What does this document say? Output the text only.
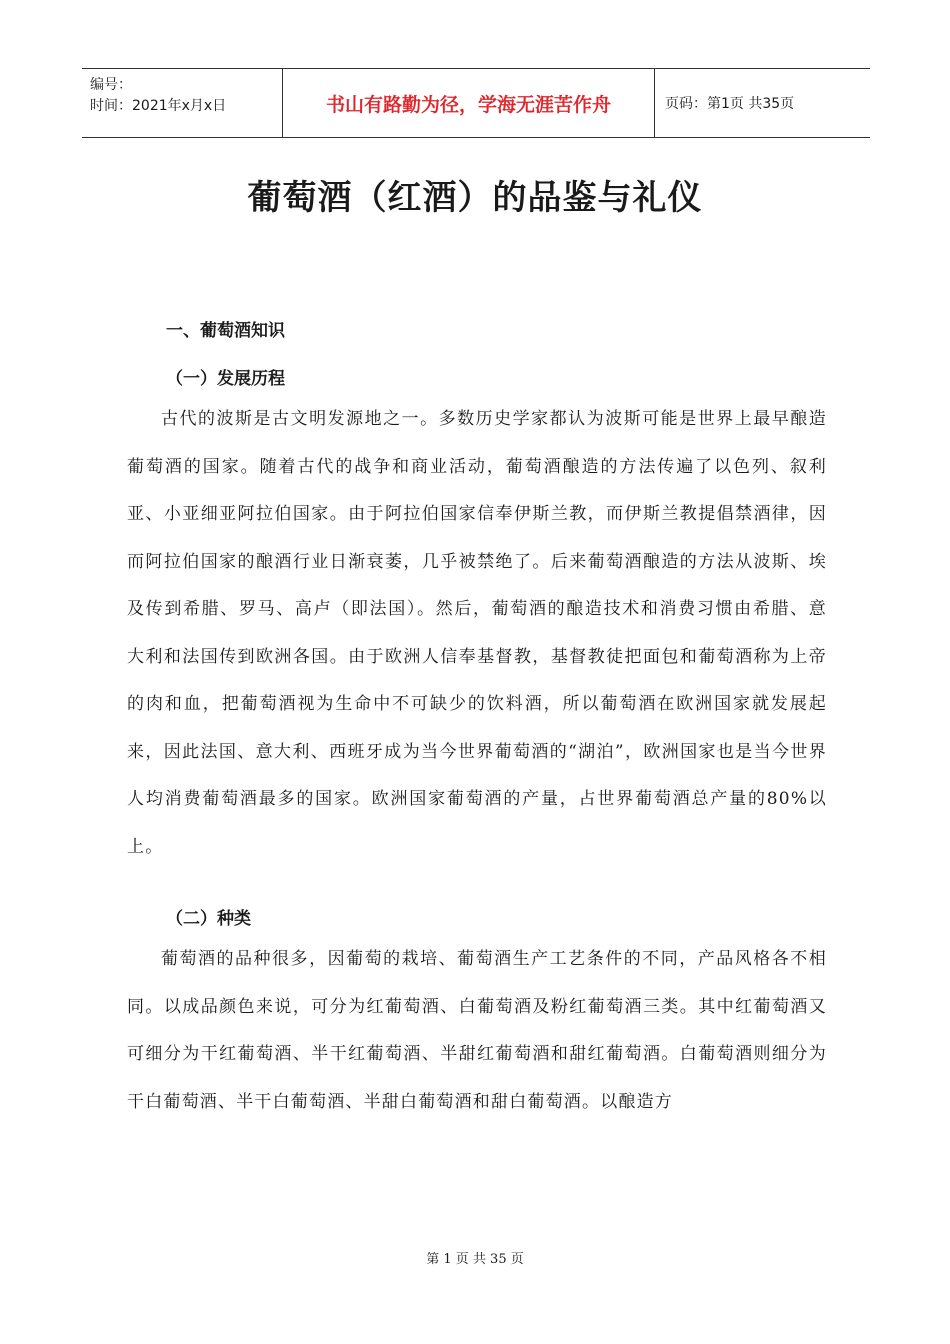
编号：
时间：2021年x月x日	书山有路勤为径，学海无涯苦作舟	页码：第1页 共35页
葡萄酒（红酒）的品鉴与礼仪
一、葡萄酒知识
（一）发展历程

古代的波斯是古文明发源地之一。多数历史学家都认为波斯可能是世界上最早酿造葡萄酒的国家。随着古代的战争和商业活动，葡萄酒酿造的方法传遍了以色列、叙利亚、小亚细亚阿拉伯国家。由于阿拉伯国家信奉伊斯兰教，而伊斯兰教提倡禁酒律，因而阿拉伯国家的酿酒行业日渐衰萎，几乎被禁绝了。后来葡萄酒酿造的方法从波斯、埃及传到希腊、罗马、高卢（即法国）。然后，葡萄酒的酿造技术和消费习惯由希腊、意大利和法国传到欧洲各国。由于欧洲人信奉基督教，基督教徒把面包和葡萄酒称为上帝的肉和血，把葡萄酒视为生命中不可缺少的饮料酒，所以葡萄酒在欧洲国家就发展起来，因此法国、意大利、西班牙成为当今世界葡萄酒的“湖泊”，欧洲国家也是当今世界人均消费葡萄酒最多的国家。欧洲国家葡萄酒的产量，占世界葡萄酒总产量的80%以上。

（二）种类

葡萄酒的品种很多，因葡萄的栽培、葡萄酒生产工艺条件的不同，产品风格各不相同。以成品颜色来说，可分为红葡萄酒、白葡萄酒及粉红葡萄酒三类。其中红葡萄酒又可细分为干红葡萄酒、半干红葡萄酒、半甜红葡萄酒和甜红葡萄酒。白葡萄酒则细分为干白葡萄酒、半干白葡萄酒、半甜白葡萄酒和甜白葡萄酒。以酿造方

第 1 页 共 35 页
